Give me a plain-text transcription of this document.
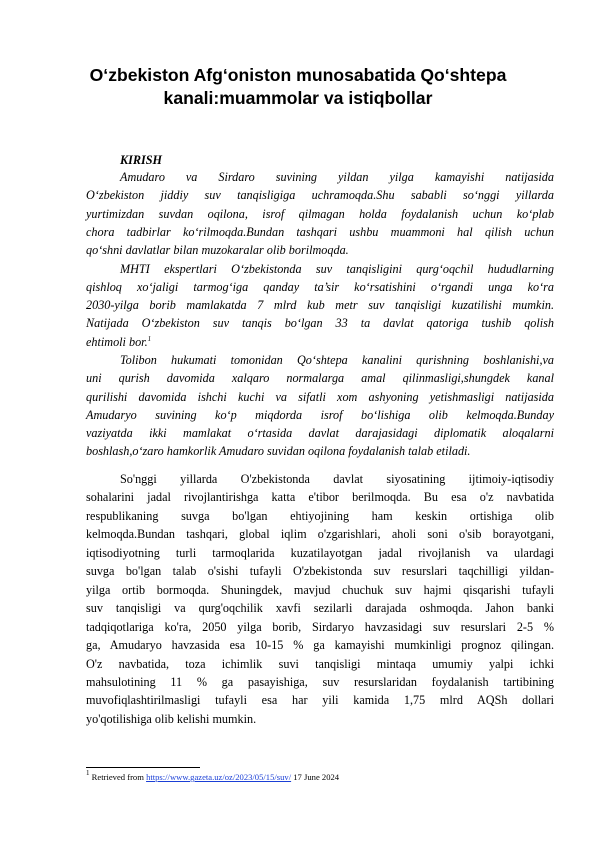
O‘zbekiston Afg‘oniston munosabatida Qo‘shtepa
kanali:muammolar va istiqbollar

KIRISH

Amudaro va Sirdaro suvining yildan yilga kamayishi natijasida
O‘zbekiston jiddiy suv tanqisligiga uchramoqda.Shu sababli so‘nggi yillarda
yurtimizdan suvdan oqilona, isrof qilmagan holda foydalanish uchun ko‘plab
chora tadbirlar ko‘rilmoqda.Bundan tashqari ushbu muammoni hal qilish uchun
qo‘shni davlatlar bilan muzokaralar olib borilmoqda.
MHTI ekspertlari O‘zbekistonda suv tanqisligini qurg‘oqchil hududlarning
qishloq xo‘jaligi tarmog‘iga qanday ta’sir ko‘rsatishini o‘rgandi unga ko‘ra
2030-yilga borib mamlakatda 7 mlrd kub metr suv tanqisligi kuzatilishi mumkin.
Natijada O‘zbekiston suv tanqis bo‘lgan 33 ta davlat qatoriga tushib qolish
ehtimoli bor.$^1$
Tolibon hukumati tomonidan Qo‘shtepa kanalini qurishning boshlanishi,va
uni qurish davomida xalqaro normalarga amal qilinmasligi,shungdek kanal
qurilishi davomida ishchi kuchi va sifatli xom ashyoning yetishmasligi natijasida
Amudaryo suvining ko‘p miqdorda isrof bo‘lishiga olib kelmoqda.Bunday
vaziyatda ikki mamlakat o‘rtasida davlat darajasidagi diplomatik aloqalarni
boshlash,o‘zaro hamkorlik Amudaro suvidan oqilona foydalanish talab etiladi.
So'nggi yillarda O'zbekistonda davlat siyosatining ijtimoiy-iqtisodiy
sohalarini jadal rivojlantirishga katta e'tibor berilmoqda. Bu esa o'z navbatida
respublikaning suvga bo'lgan ehtiyojining ham keskin ortishiga olib
kelmoqda.Bundan tashqari, global iqlim o'zgarishlari, aholi soni o'sib borayotgani,
iqtisodiyotning turli tarmoqlarida kuzatilayotgan jadal rivojlanish va ulardagi
suvga bo'lgan talab o'sishi tufayli O'zbekistonda suv resurslari taqchilligi yildan-
yilga ortib bormoqda. Shuningdek, mavjud chuchuk suv hajmi qisqarishi tufayli
suv tanqisligi va qurg'oqchilik xavfi sezilarli darajada oshmoqda. Jahon banki
tadqiqotlariga ko'ra, 2050 yilga borib, Sirdaryo havzasidagi suv resurslari 2-5 %
ga, Amudaryo havzasida esa 10-15 % ga kamayishi mumkinligi prognoz qilingan.
O'z navbatida, toza ichimlik suvi tanqisligi mintaqa umumiy yalpi ichki
mahsulotining 11 % ga pasayishiga, suv resurslaridan foydalanish tartibining
muvofiqlashtirilmasligi tufayli esa har yili kamida 1,75 mlrd AQSh dollari
yo'qotilishiga olib kelishi mumkin.

$^1$ Retrieved from https://www.gazeta.uz/oz/2023/05/15/suv/ 17 June 2024
